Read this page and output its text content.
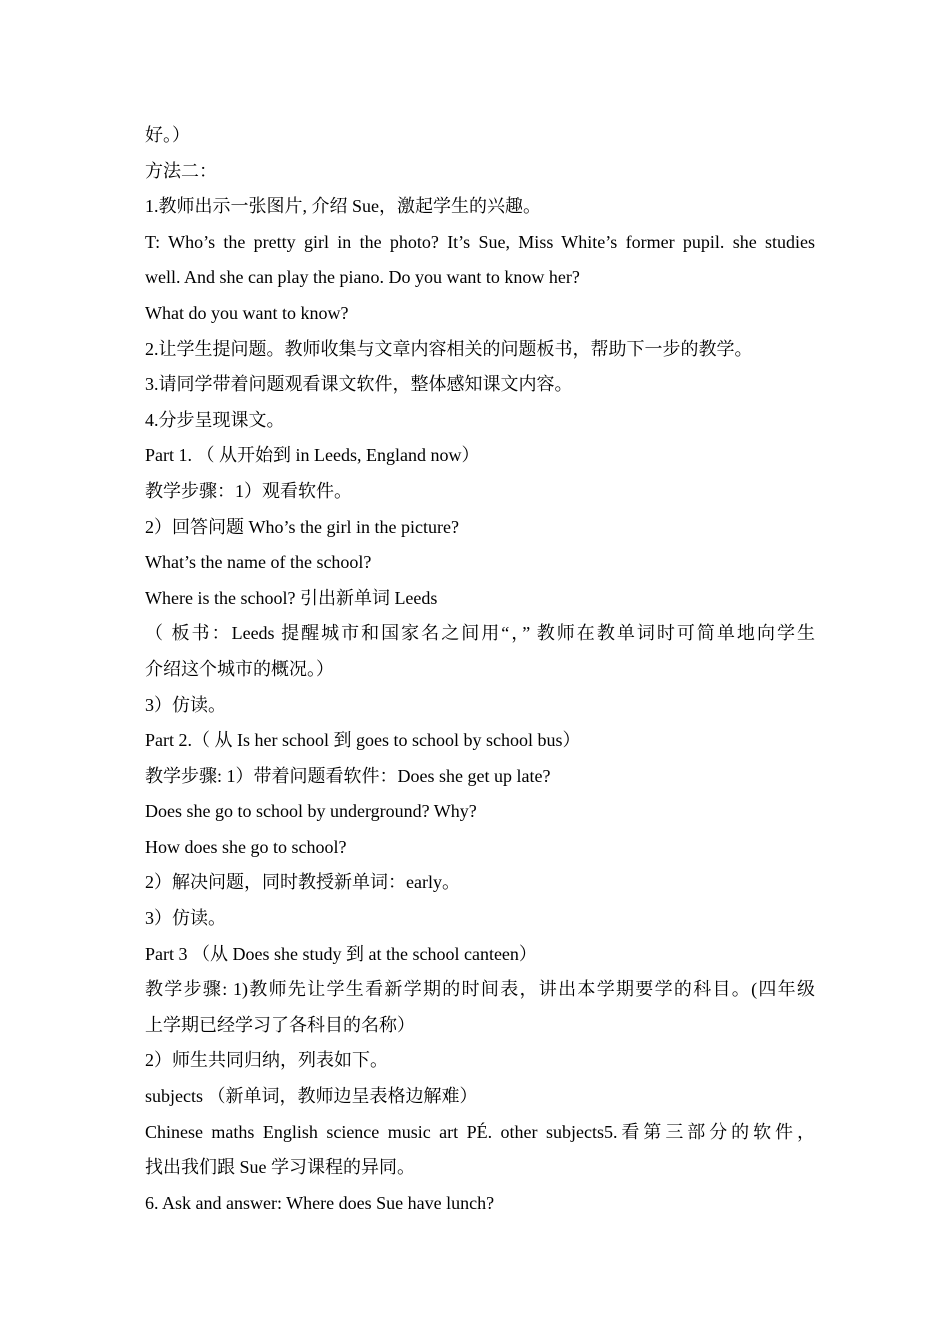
好。）
方法二：
1.教师出示一张图片, 介绍 Sue，激起学生的兴趣。
T: Who’s the pretty girl in the photo? It’s Sue, Miss White’s former pupil. she studies
well. And she can play the piano. Do you want to know her?
What do you want to know?
2.让学生提问题。教师收集与文章内容相关的问题板书，帮助下一步的教学。
3.请同学带着问题观看课文软件，整体感知课文内容。
4.分步呈现课文。
Part 1. （ 从开始到 in Leeds, England now）
教学步骤：1）观看软件。
2）回答问题 Who’s the girl in the picture?
What’s the name of the school?
Where is the school? 引出新单词 Leeds
（ 板书：Leeds 提醒城市和国家名之间用“，” 教师在教单词时可简单地向学生
介绍这个城市的概况。）
3）仿读。
Part 2.（ 从 Is her school 到 goes to school by school bus）
教学步骤: 1）带着问题看软件：Does she get up late?
Does she go to school by underground? Why?
How does she go to school?
2）解决问题，同时教授新单词：early。
3）仿读。
Part 3 （从 Does she study 到 at the school canteen）
教学步骤: 1)教师先让学生看新学期的时间表，讲出本学期要学的科目。(四年级
上学期已经学习了各科目的名称）
2）师生共同归纳，列表如下。
subjects （新单词，教师边呈表格边解难）
Chinese maths English science music art PÉ. other subjects5.看第三部分的软件，
找出我们跟 Sue 学习课程的异同。
6. Ask and answer: Where does Sue have lunch?
